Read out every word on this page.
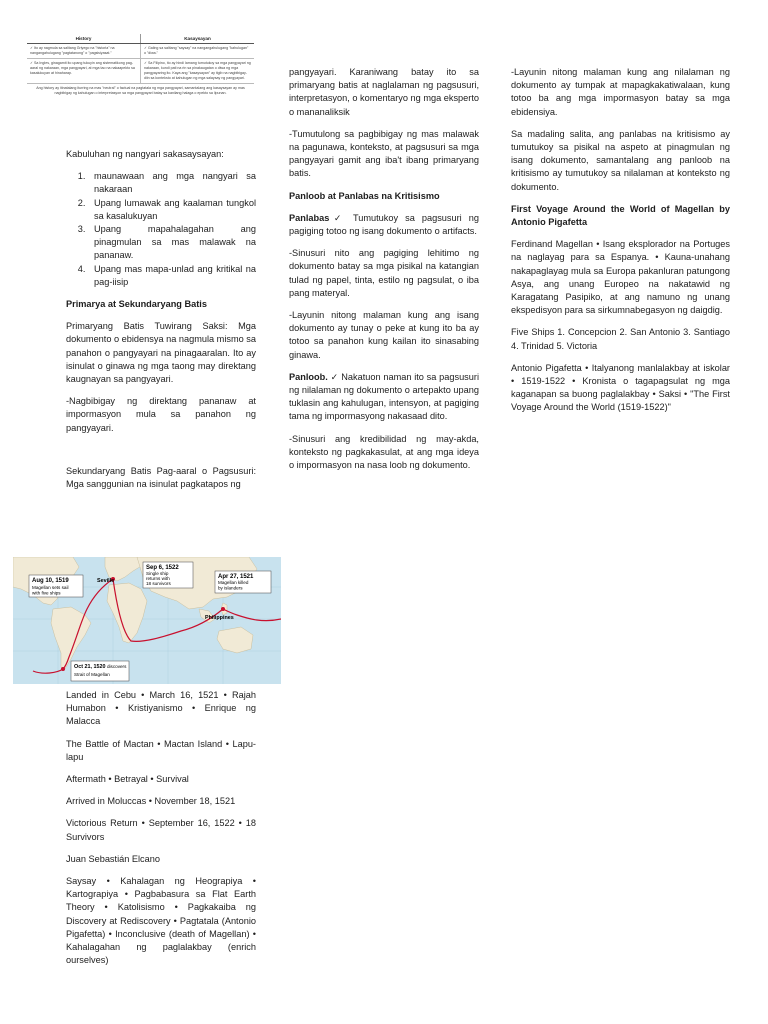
History	Kasaysayan
✓ Ito ay nagmula sa salitang Griyego na "historia" na nangangahulugang "pagtatanong" o "pagsisiyasat."
✓ Galing sa salitang "saysay" na nangangahulugang "kahulugan" o "diwa."
✓ Sa Ingles, ginagamit ito upang tukuyin ang sistematikong pag-aaral ng nakaraan, mga pangyayari, at mga tao na nakaapekto sa kasalukuyan at hinaharap.
✓ Sa Filipino, ito ay hindi lamang tumutukoy sa mga pangyayari ng nakaraan, kundi pati na rin sa pinakaugatan o diwa ng mga pangyayaring ito. Kaya ang "kasaysayan" ay tigib na nagbibigay-diin sa konteksto at kahulugan ng mga salaysay ng pangyayari.
Ang history ay itinatalang iturring na mas "neutral" o factual na pagtatala ng mga pangyayari, samantalang ang kasaysayan ay mas nagbibigay ng kahulugan o interpretasyon sa mga pangyayari batay sa kanilang halaga o epekto sa lipunan.

Kabuluhan ng nangyari sakasaysayan:

1. maunawaan ang mga nangyari sa nakaraan
2. Upang lumawak ang kaalaman tungkol sa kasalukuyan
3. Upang mapahalagahan ang pinagmulan sa mas malawak na pananaw.
4. Upang mas mapa-unlad ang kritikal na pag-iisip

Primarya at Sekundaryang Batis

Primaryang Batis Tuwirang Saksi: Mga dokumento o ebidensya na nagmula mismo sa panahon o pangyayari na pinagaaralan. Ito ay isinulat o ginawa ng mga taong may direktang kaugnayan sa pangyayari.

-Nagbibigay ng direktang pananaw at impormasyon mula sa panahon ng pangyayari.

Sekundaryang Batis Pag-aaral o Pagsusuri: Mga sanggunian na isinulat pagkatapos ng

pangyayari. Karaniwang batay ito sa primaryang batis at naglalaman ng pagsusuri, interpretasyon, o komentaryo ng mga eksperto o mananaliksik

-Tumutulong sa pagbibigay ng mas malawak na pagunawa, konteksto, at pagsusuri sa mga pangyayari gamit ang iba't ibang primaryang batis.

Panloob at Panlabas na Kritisismo

Panlabas✓ Tumutukoy sa pagsusuri ng pagiging totoo ng isang dokumento o artifacts.

-Sinusuri nito ang pagiging lehitimo ng dokumento batay sa mga pisikal na katangian tulad ng papel, tinta, estilo ng pagsulat, o iba pang materyal.

-Layunin nitong malaman kung ang isang dokumento ay tunay o peke at kung ito ba ay totoo sa panahon kung kailan ito sinasabing ginawa.

Panloob. ✓ Nakatuon naman ito sa pagsusuri ng nilalaman ng dokumento o artepakto upang tuklasin ang kahulugan, intensyon, at pagiging tama ng impormasyong nakasaad dito.

-Sinusuri ang kredibilidad ng may-akda, konteksto ng pagkakasulat, at ang mga ideya o impormasyon na nasa loob ng dokumento.

-Layunin nitong malaman kung ang nilalaman ng dokumento ay tumpak at mapagkakatiwalaan, kung totoo ba ang mga impormasyon batay sa mga ebidensiya.

Sa madaling salita, ang panlabas na kritisismo ay tumutukoy sa pisikal na aspeto at pinagmulan ng isang dokumento, samantalang ang panloob na kritisismo ay tumutukoy sa nilalaman at konteksto ng dokumento.

First Voyage Around the World of Magellan by Antonio Pigafetta

Ferdinand Magellan • Isang eksplorador na Portuges na naglayag para sa Espanya. • Kauna-unahang nakapaglayag mula sa Europa pakanluran patungong Asya, ang unang Europeo na nakatawid ng Karagatang Pasipiko, at ang namuno ng unang ekspedisyon para sa sirkumnabegasyon ng daigdig.

Five Ships 1. Concepcion 2. San Antonio 3. Santiago 4. Trinidad 5. Victoria

Antonio Pigafetta • Italyanong manlalakbay at iskolar • 1519-1522 • Kronista o tagapagsulat ng mga kaganapan sa buong paglalakbay • Saksi • "The First Voyage Around the World (1519-1522)"

Aug 10, 1519
Magellan sets sail
with five ships
Seville
Sep 6, 1522
Single ship
returns with
18 survivors
Apr 27, 1521
Magellan killed
by islanders
Philippines
Oct 21, 1520 discovers
Strait of Magellan

Landed in Cebu • March 16, 1521 • Rajah Humabon • Kristiyanismo • Enrique ng Malacca

The Battle of Mactan • Mactan Island • Lapu-lapu

Aftermath • Betrayal • Survival

Arrived in Moluccas • November 18, 1521

Victorious Return • September 16, 1522 • 18 Survivors

Juan Sebastián Elcano

Saysay • Kahalagan ng Heograpiya • Kartograpiya • Pagbabasura sa Flat Earth Theory • Katolisismo • Pagkakaiba ng Discovery at Rediscovery • Pagtatala (Antonio Pigafetta) • Inconclusive (death of Magellan) • Kahalagahan ng paglalakbay (enrich ourselves)
